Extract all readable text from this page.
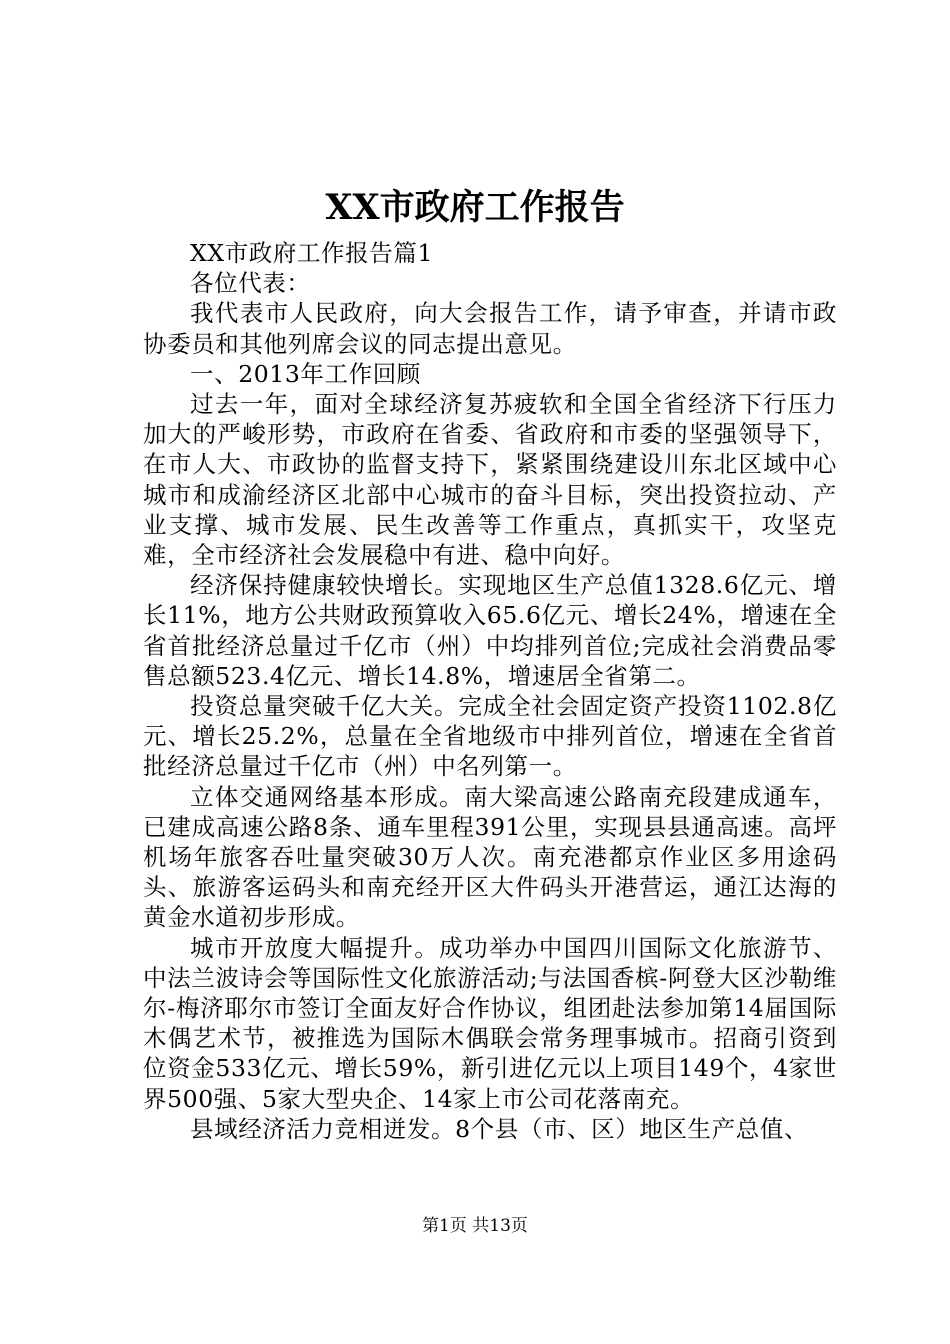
XX市政府工作报告

XX市政府工作报告篇1

各位代表：

我代表市人民政府，向大会报告工作，请予审查，并请市政协委员和其他列席会议的同志提出意见。

一、2013年工作回顾

过去一年，面对全球经济复苏疲软和全国全省经济下行压力加大的严峻形势，市政府在省委、省政府和市委的坚强领导下，在市人大、市政协的监督支持下，紧紧围绕建设川东北区域中心城市和成渝经济区北部中心城市的奋斗目标，突出投资拉动、产业支撑、城市发展、民生改善等工作重点，真抓实干，攻坚克难，全市经济社会发展稳中有进、稳中向好。

经济保持健康较快增长。实现地区生产总值1328.6亿元、增长11%，地方公共财政预算收入65.6亿元、增长24%，增速在全省首批经济总量过千亿市（州）中均排列首位;完成社会消费品零售总额523.4亿元、增长14.8%，增速居全省第二。

投资总量突破千亿大关。完成全社会固定资产投资1102.8亿元、增长25.2%，总量在全省地级市中排列首位，增速在全省首批经济总量过千亿市（州）中名列第一。

立体交通网络基本形成。南大梁高速公路南充段建成通车，已建成高速公路8条、通车里程391公里，实现县县通高速。高坪机场年旅客吞吐量突破30万人次。南充港都京作业区多用途码头、旅游客运码头和南充经开区大件码头开港营运，通江达海的黄金水道初步形成。

城市开放度大幅提升。成功举办中国四川国际文化旅游节、中法兰波诗会等国际性文化旅游活动;与法国香槟-阿登大区沙勒维尔-梅济耶尔市签订全面友好合作协议，组团赴法参加第14届国际木偶艺术节，被推选为国际木偶联会常务理事城市。招商引资到位资金533亿元、增长59%，新引进亿元以上项目149个，4家世界500强、5家大型央企、14家上市公司花落南充。

县域经济活力竞相迸发。8个县（市、区）地区生产总值、

第1页 共13页
